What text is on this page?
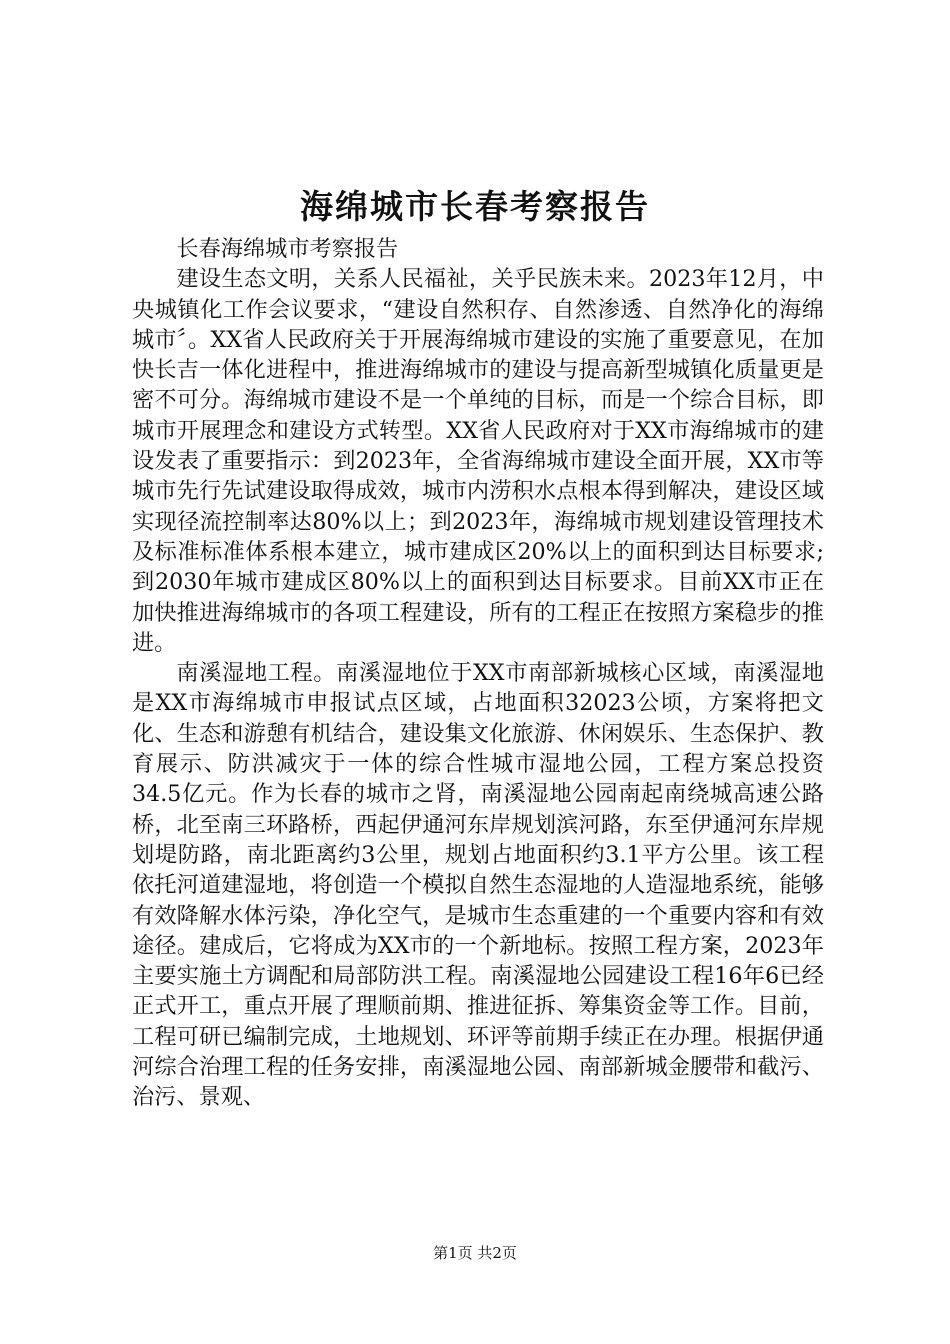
海绵城市长春考察报告

长春海绵城市考察报告

建设生态文明，关系人民福祉，关乎民族未来。2023年12月，中央城镇化工作会议要求，“建设自然积存、自然渗透、自然净化的海绵城市〞。XX省人民政府关于开展海绵城市建设的实施了重要意见，在加快长吉一体化进程中，推进海绵城市的建设与提高新型城镇化质量更是密不可分。海绵城市建设不是一个单纯的目标，而是一个综合目标，即城市开展理念和建设方式转型。XX省人民政府对于XX市海绵城市的建设发表了重要指示：到2023年，全省海绵城市建设全面开展，XX市等城市先行先试建设取得成效，城市内涝积水点根本得到解决，建设区域实现径流控制率达80%以上；到2023年，海绵城市规划建设管理技术及标准标准体系根本建立，城市建成区20%以上的面积到达目标要求;到2030年城市建成区80%以上的面积到达目标要求。目前XX市正在加快推进海绵城市的各项工程建设，所有的工程正在按照方案稳步的推进。

南溪湿地工程。南溪湿地位于XX市南部新城核心区域，南溪湿地是XX市海绵城市申报试点区域，占地面积32023公顷，方案将把文化、生态和游憩有机结合，建设集文化旅游、休闲娱乐、生态保护、教育展示、防洪减灾于一体的综合性城市湿地公园，工程方案总投资34.5亿元。作为长春的城市之肾，南溪湿地公园南起南绕城高速公路桥，北至南三环路桥，西起伊通河东岸规划滨河路，东至伊通河东岸规划堤防路，南北距离约3公里，规划占地面积约3.1平方公里。该工程依托河道建湿地，将创造一个模拟自然生态湿地的人造湿地系统，能够有效降解水体污染，净化空气，是城市生态重建的一个重要内容和有效途径。建成后，它将成为XX市的一个新地标。按照工程方案，2023年主要实施土方调配和局部防洪工程。南溪湿地公园建设工程16年6已经正式开工，重点开展了理顺前期、推进征拆、筹集资金等工作。目前，工程可研已编制完成，土地规划、环评等前期手续正在办理。根据伊通河综合治理工程的任务安排，南溪湿地公园、南部新城金腰带和截污、治污、景观、

第1页 共2页
